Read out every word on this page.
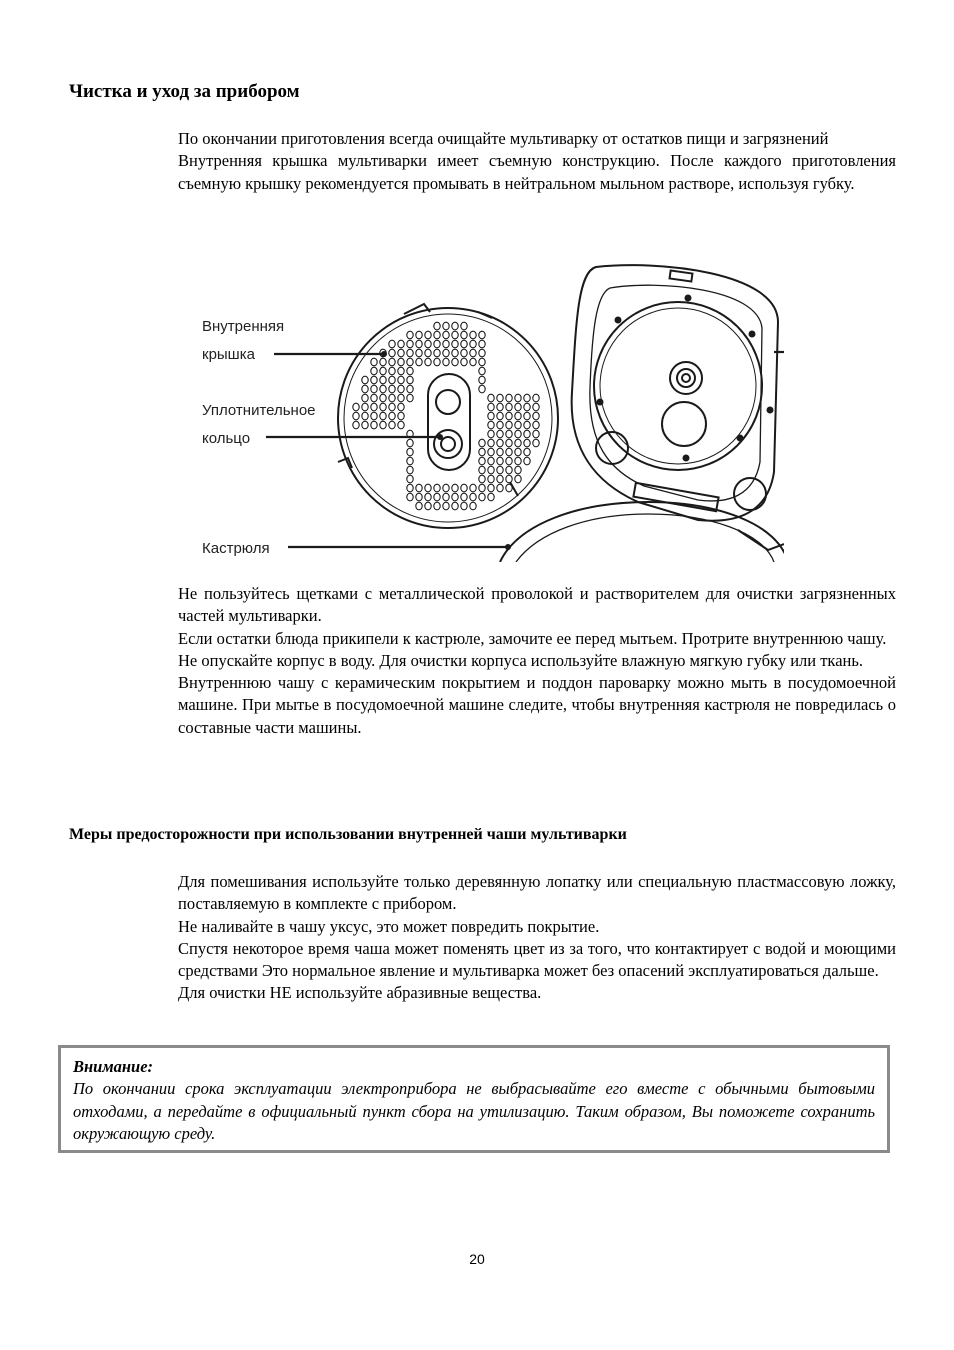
Чистка и уход за прибором

По окончании приготовления всегда очищайте мультиварку от остатков пищи и загрязнений

Внутренняя крышка мультиварки имеет съемную конструкцию. После каждого приготовления съемную крышку рекомендуется промывать в нейтральном мыльном растворе, используя губку.

Внутренняя
крышка
Уплотнительное
кольцо
Кастрюля

Не пользуйтесь щетками с металлической проволокой и растворителем для очистки загрязненных частей мультиварки.

Если остатки блюда прикипели к кастрюле, замочите ее перед мытьем. Протрите внутреннюю чашу.

Не опускайте корпус в воду. Для очистки корпуса используйте влажную мягкую губку или ткань.

Внутреннюю чашу с керамическим покрытием и поддон пароварку можно мыть в посудомоечной машине. При мытье в посудомоечной машине следите, чтобы внутренняя кастрюля не повредилась о составные части машины.

Меры предосторожности при использовании внутренней чаши мультиварки

Для помешивания используйте только деревянную лопатку или специальную пластмассовую ложку, поставляемую в комплекте с прибором.

Не наливайте в чашу уксус, это может повредить покрытие.

Спустя некоторое время чаша может поменять цвет из за того, что контактирует с водой и моющими средствами Это нормальное явление и мультиварка может без опасений эксплуатироваться дальше.

Для очистки НЕ используйте абразивные вещества.

Внимание:
По окончании срока эксплуатации электроприбора не выбрасывайте его вместе с обычными бытовыми отходами, а передайте в официальный пункт сбора на утилизацию. Таким образом, Вы поможете сохранить окружающую среду.
20
